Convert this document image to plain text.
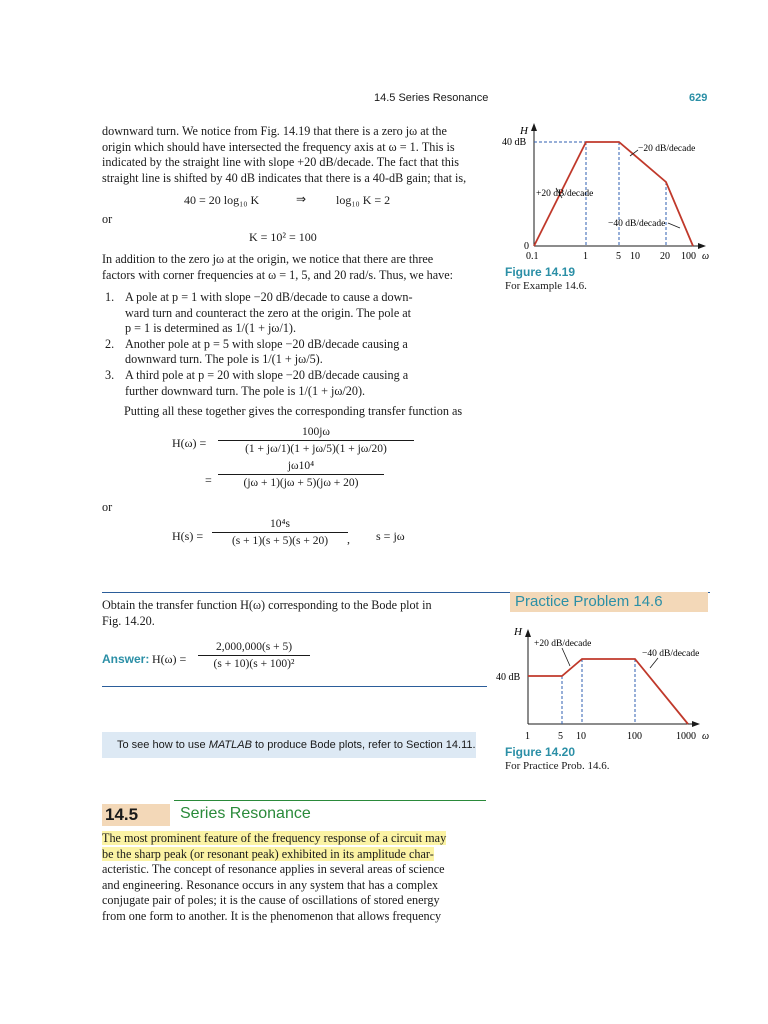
14.5 Series Resonance	629
downward turn. We notice from Fig. 14.19 that there is a zero jω at the
origin which should have intersected the frequency axis at ω = 1. This is
indicated by the straight line with slope +20 dB/decade. The fact that this
straight line is shifted by 40 dB indicates that there is a 40-dB gain; that is,
40 = 20 log₁₀ K	⇒ log₁₀ K = 2
or
K = 10² = 100
In addition to the zero jω at the origin, we notice that there are three
factors with corner frequencies at ω = 1, 5, and 20 rad/s. Thus, we have:
1. A pole at p = 1 with slope −20 dB/decade to cause a down-
ward turn and counteract the zero at the origin. The pole at
p = 1 is determined as 1/(1 + jω/1).
2. Another pole at p = 5 with slope −20 dB/decade causing a
downward turn. The pole is 1/(1 + jω/5).
3. A third pole at p = 20 with slope −20 dB/decade causing a
further downward turn. The pole is 1/(1 + jω/20).
Putting all these together gives the corresponding transfer function as
H(ω) =
100jω
(1 + jω/1)(1 + jω/5)(1 + jω/20)
=
jω10⁴
(jω + 1)(jω + 5)(jω + 20)
or
H(s) =
10⁴s
(s + 1)(s + 5)(s + 20)	, s = jω
H
40 dB
0
−20 dB/decade
+20 dB/decade
−40 dB/decade
0.1	1	5 10 20 100 ω
Figure 14.19
For Example 14.6.
Practice Problem 14.6
Obtain the transfer function H(ω) corresponding to the Bode plot in
Fig. 14.20.
Answer: H(ω) =
2,000,000(s + 5)
(s + 10)(s + 100)²
H
40 dB
+20 dB/decade
−40 dB/decade
1	5 10	100	1000 ω
Figure 14.20
For Practice Prob. 14.6.
To see how to use MATLAB to produce Bode plots, refer to Section 14.11.
14.5	Series Resonance
The most prominent feature of the frequency response of a circuit may
be the sharp peak (or resonant peak) exhibited in its amplitude char-
acteristic. The concept of resonance applies in several areas of science
and engineering. Resonance occurs in any system that has a complex
conjugate pair of poles; it is the cause of oscillations of stored energy
from one form to another. It is the phenomenon that allows frequency
